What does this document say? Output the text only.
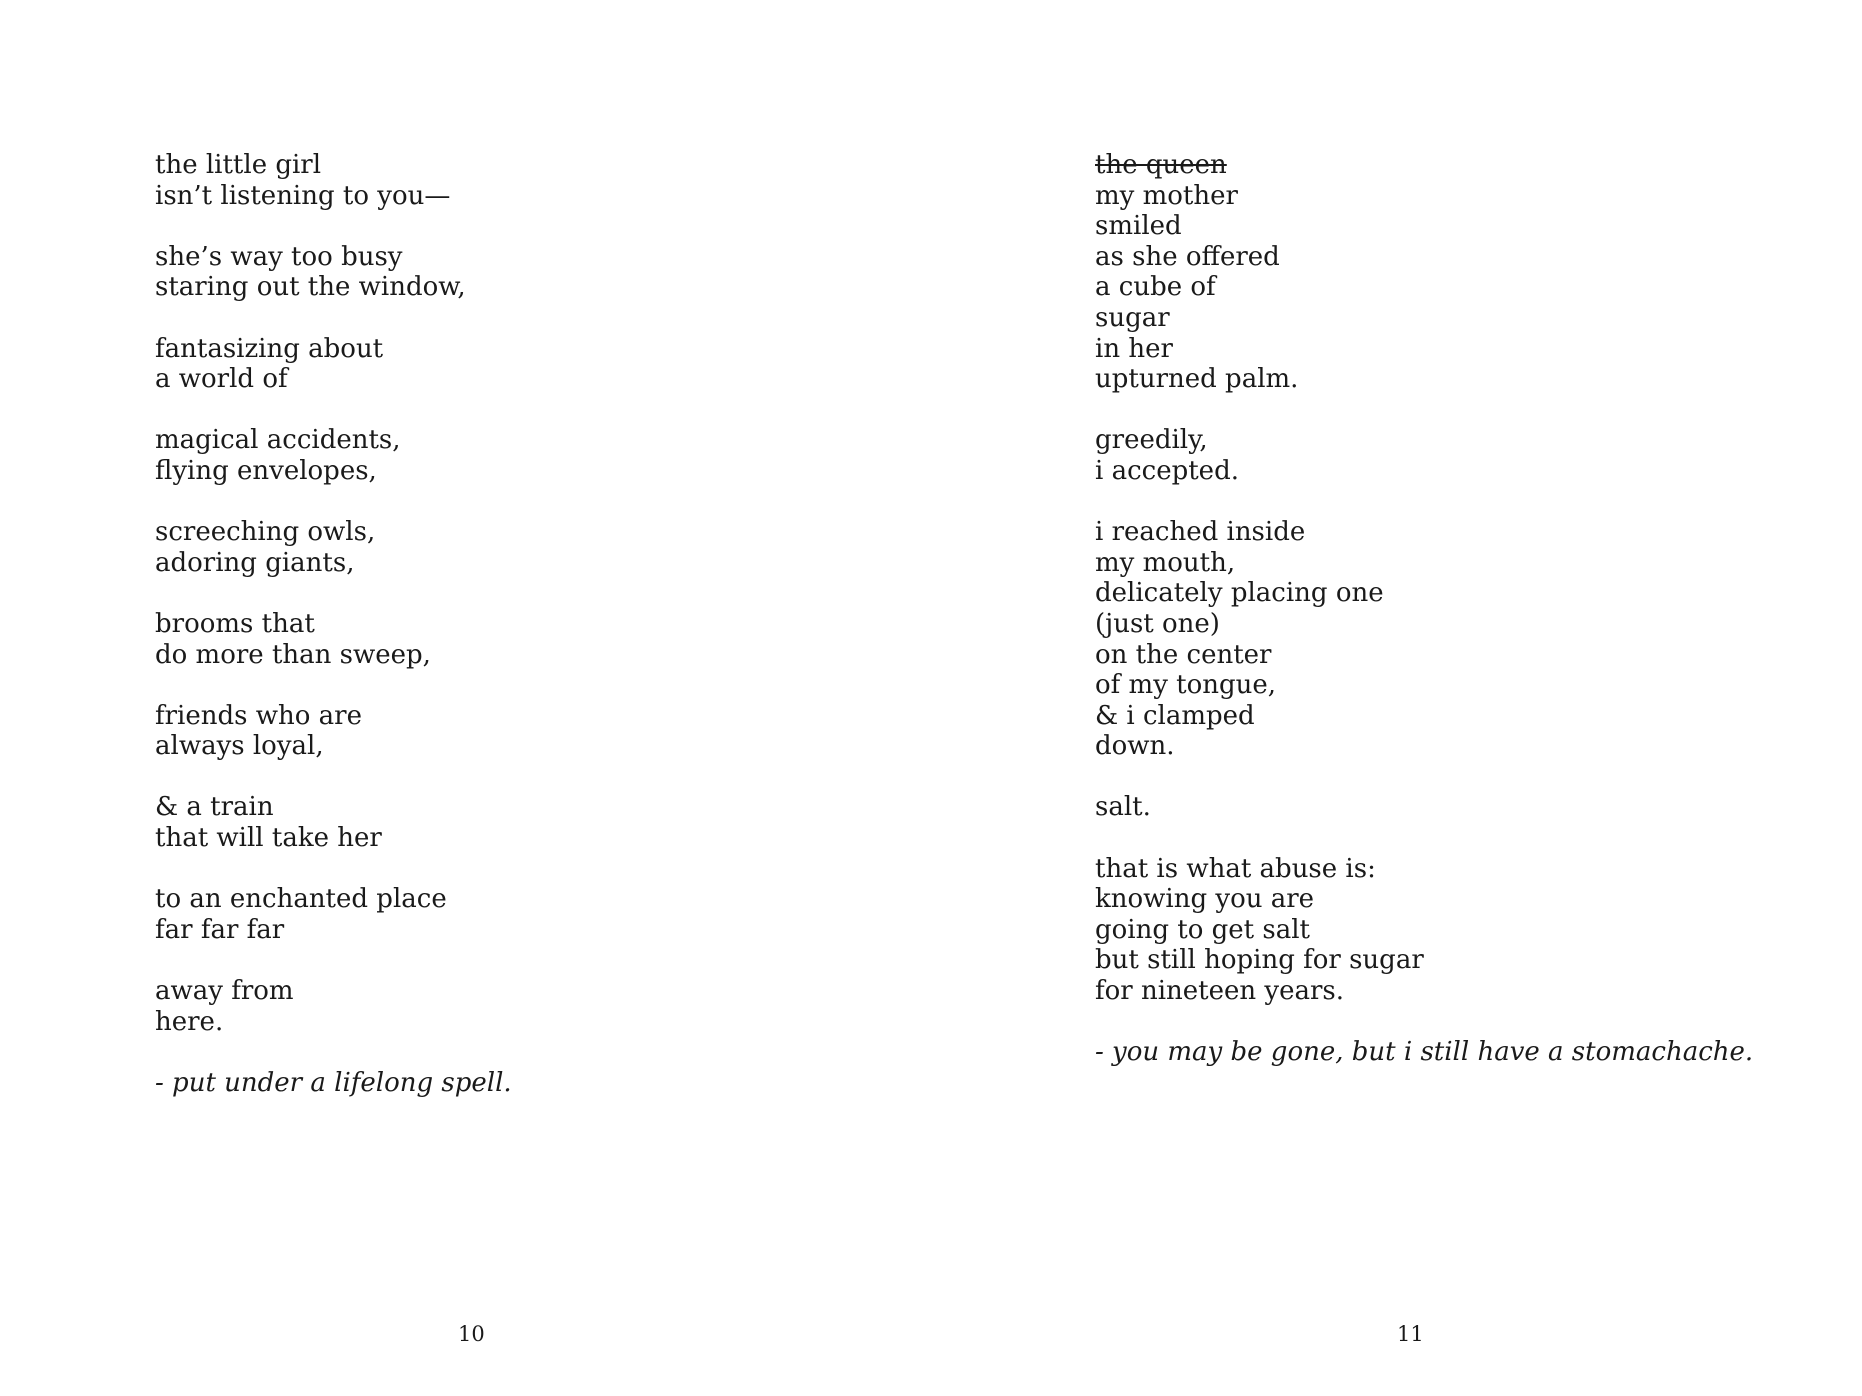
the little girl
isn’t listening to you—
she’s way too busy
staring out the window,
fantasizing about
a world of
magical accidents,
flying envelopes,
screeching owls,
adoring giants,
brooms that
do more than sweep,
friends who are
always loyal,
& a train
that will take her
to an enchanted place
far far far
away from
here.
- put under a lifelong spell.
10
the queen
my mother
smiled
as she offered
a cube of
sugar
in her
upturned palm.
greedily,
i accepted.
i reached inside
my mouth,
delicately placing one
(just one)
on the center
of my tongue,
& i clamped
down.
salt.
that is what abuse is:
knowing you are
going to get salt
but still hoping for sugar
for nineteen years.
- you may be gone, but i still have a stomachache.
11
